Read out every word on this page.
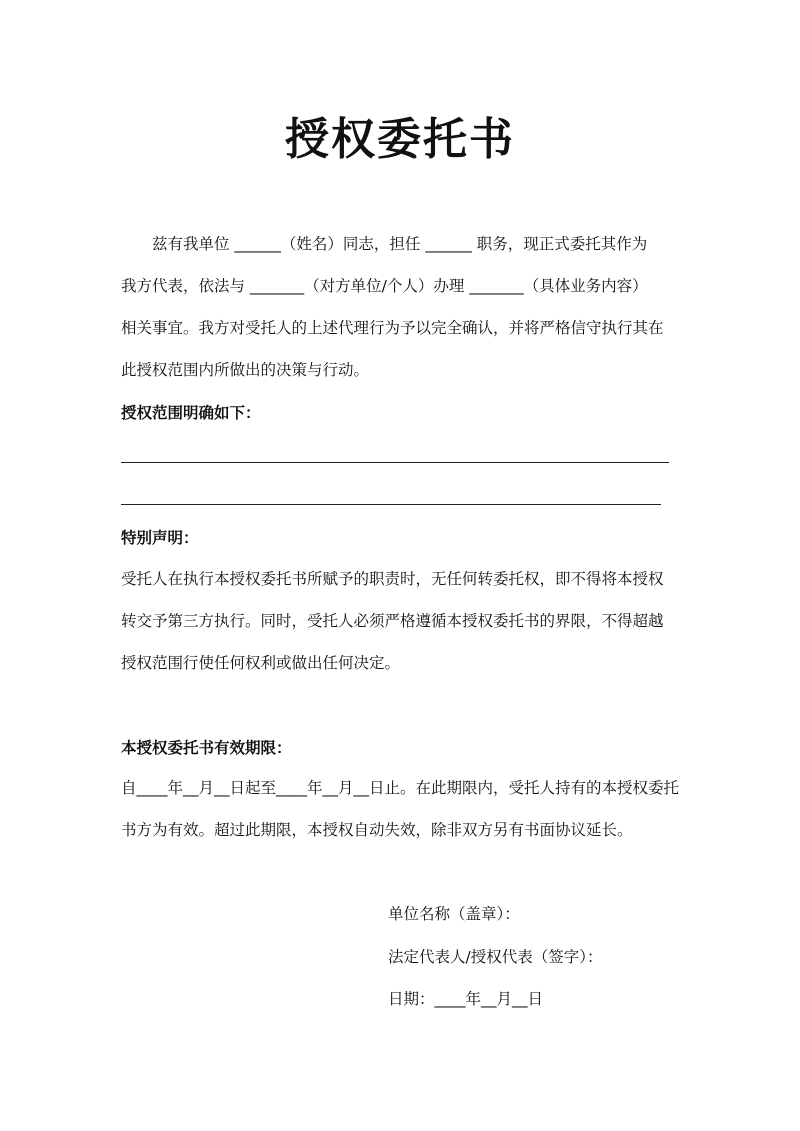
授权委托书
兹有我单位 ______（姓名）同志，担任 ______ 职务，现正式委托其作为
我方代表，依法与 _______（对方单位/个人）办理 _______（具体业务内容）
相关事宜。我方对受托人的上述代理行为予以完全确认，并将严格信守执行其在
此授权范围内所做出的决策与行动。
授权范围明确如下：
特别声明：
受托人在执行本授权委托书所赋予的职责时，无任何转委托权，即不得将本授权
转交予第三方执行。同时，受托人必须严格遵循本授权委托书的界限，不得超越
授权范围行使任何权利或做出任何决定。
本授权委托书有效期限：
自____年__月__日起至____年__月__日止。在此期限内，受托人持有的本授权委托
书方为有效。超过此期限，本授权自动失效，除非双方另有书面协议延长。
单位名称（盖章）：
法定代表人/授权代表（签字）：
日期：____年__月__日
